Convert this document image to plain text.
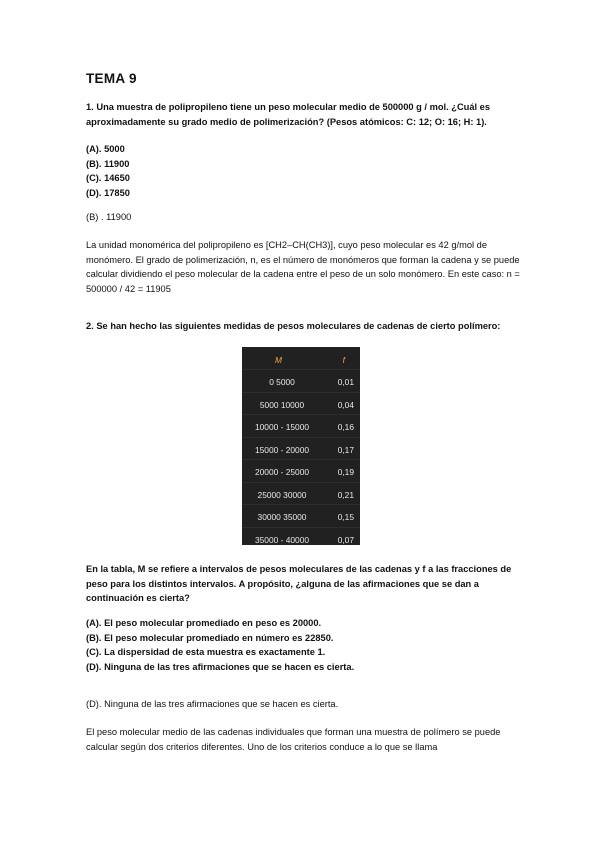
TEMA 9
1. Una muestra de polipropileno tiene un peso molecular medio de 500000 g / mol. ¿Cuál es aproximadamente su grado medio de polimerización? (Pesos atómicos: C: 12; O: 16; H: 1).
(A). 5000
(B). 11900
(C). 14650
(D). 17850

(B) . 11900

La unidad monomérica del polipropileno es [CH2–CH(CH3)], cuyo peso molecular es 42 g/mol de monómero. El grado de polimerización, n, es el número de monómeros que forman la cadena y se puede calcular dividiendo el peso molecular de la cadena entre el peso de un solo monómero. En este caso: n = 500000 / 42 = 11905

2. Se han hecho las siguientes medidas de pesos moleculares de cadenas de cierto polímero:
M	f
0 5000	0,01
5000 10000	0,04
10000 - 15000	0,16
15000 - 20000	0,17
20000 - 25000	0,19
25000 30000	0,21
30000 35000	0,15
35000 - 40000	0,07

En la tabla, M se refiere a intervalos de pesos moleculares de las cadenas y f a las fracciones de peso para los distintos intervalos. A propósito, ¿alguna de las afirmaciones que se dan a continuación es cierta?

(A). El peso molecular promediado en peso es 20000.
(B). El peso molecular promediado en número es 22850.
(C). La dispersidad de esta muestra es exactamente 1.
(D). Ninguna de las tres afirmaciones que se hacen es cierta.

(D). Ninguna de las tres afirmaciones que se hacen es cierta.

El peso molecular medio de las cadenas individuales que forman una muestra de polímero se puede calcular según dos criterios diferentes. Uno de los criterios conduce a lo que se llama
